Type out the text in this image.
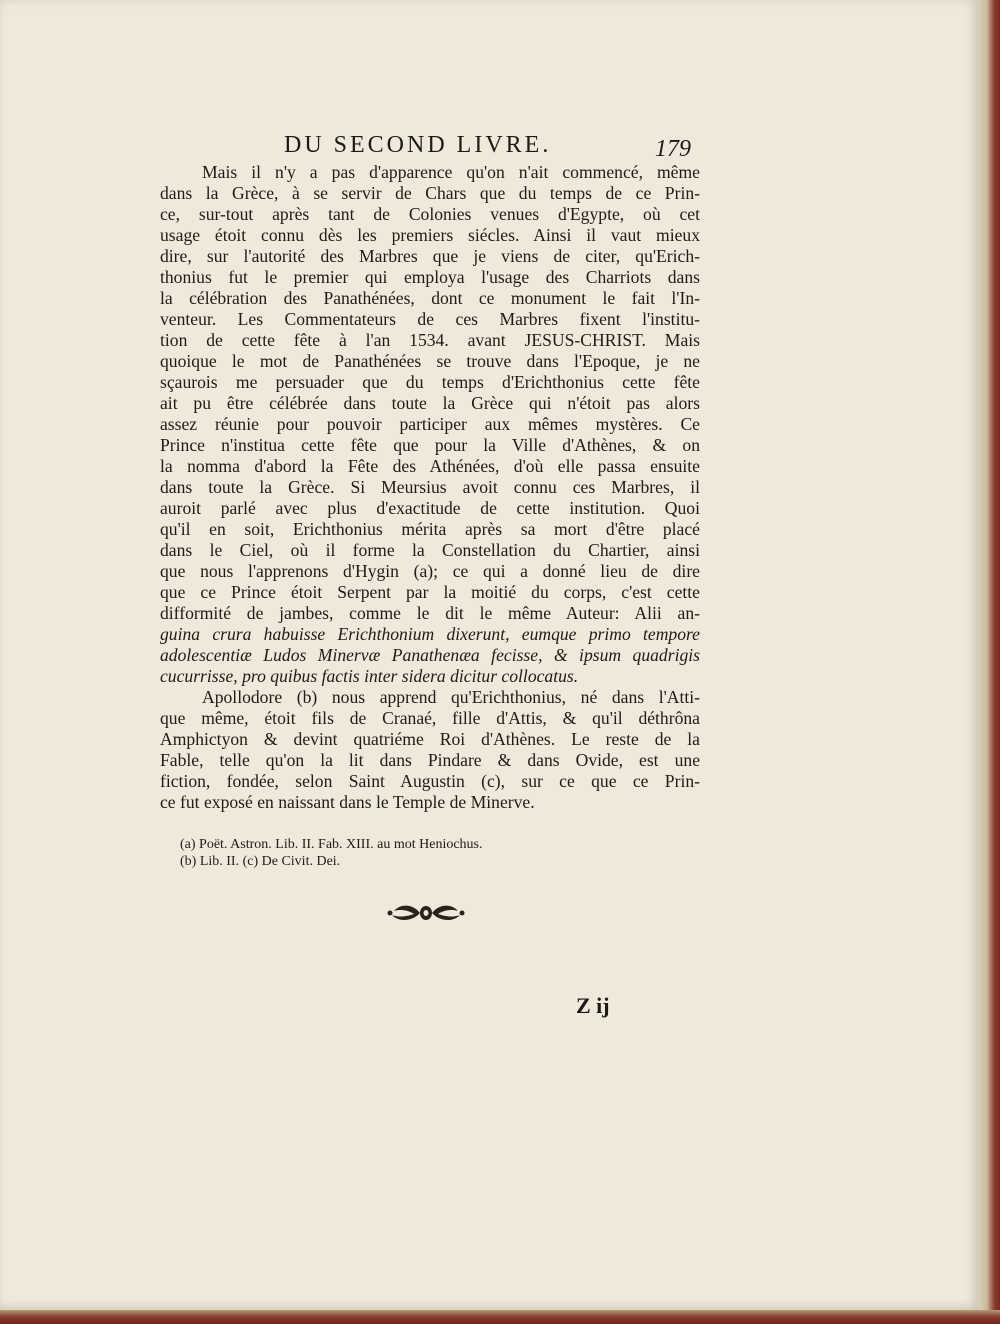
DU SECOND LIVRE.	179

Mais il n'y a pas d'apparence qu'on n'ait commencé, même
dans la Grèce, à se servir de Chars que du temps de ce Prin-
ce, sur-tout après tant de Colonies venues d'Egypte, où cet
usage étoit connu dès les premiers siécles. Ainsi il vaut mieux
dire, sur l'autorité des Marbres que je viens de citer, qu'Erich-
thonius fut le premier qui employa l'usage des Charriots dans
la célébration des Panathénées, dont ce monument le fait l'In-
venteur. Les Commentateurs de ces Marbres fixent l'institu-
tion de cette fête à l'an 1534. avant JESUS-CHRIST. Mais
quoique le mot de Panathénées se trouve dans l'Epoque, je ne
sçaurois me persuader que du temps d'Erichthonius cette fête
ait pu être célébrée dans toute la Grèce qui n'étoit pas alors
assez réunie pour pouvoir participer aux mêmes mystères. Ce
Prince n'institua cette fête que pour la Ville d'Athènes, & on
la nomma d'abord la Fête des Athénées, d'où elle passa ensuite
dans toute la Grèce. Si Meursius avoit connu ces Marbres, il
auroit parlé avec plus d'exactitude de cette institution. Quoi
qu'il en soit, Erichthonius mérita après sa mort d'être placé
dans le Ciel, où il forme la Constellation du Chartier, ainsi
que nous l'apprenons d'Hygin (a); ce qui a donné lieu de dire
que ce Prince étoit Serpent par la moitié du corps, c'est cette
difformité de jambes, comme le dit le même Auteur: Alii an-
guina crura habuisse Erichthonium dixerunt, eumque primo tempore
adolescentiæ Ludos Minervæ Panathenæa fecisse, & ipsum quadrigis
cucurrisse, pro quibus factis inter sidera dicitur collocatus.

Apollodore (b) nous apprend qu'Erichthonius, né dans l'Atti-
que même, étoit fils de Cranaé, fille d'Attis, & qu'il déthrôna
Amphictyon & devint quatriéme Roi d'Athènes. Le reste de la
Fable, telle qu'on la lit dans Pindare & dans Ovide, est une
fiction, fondée, selon Saint Augustin (c), sur ce que ce Prin-
ce fut exposé en naissant dans le Temple de Minerve.

(a) Poët. Astron. Lib. II. Fab. XIII. au mot Heniochus.
(b) Lib. II. (c) De Civit. Dei.
Z ij
